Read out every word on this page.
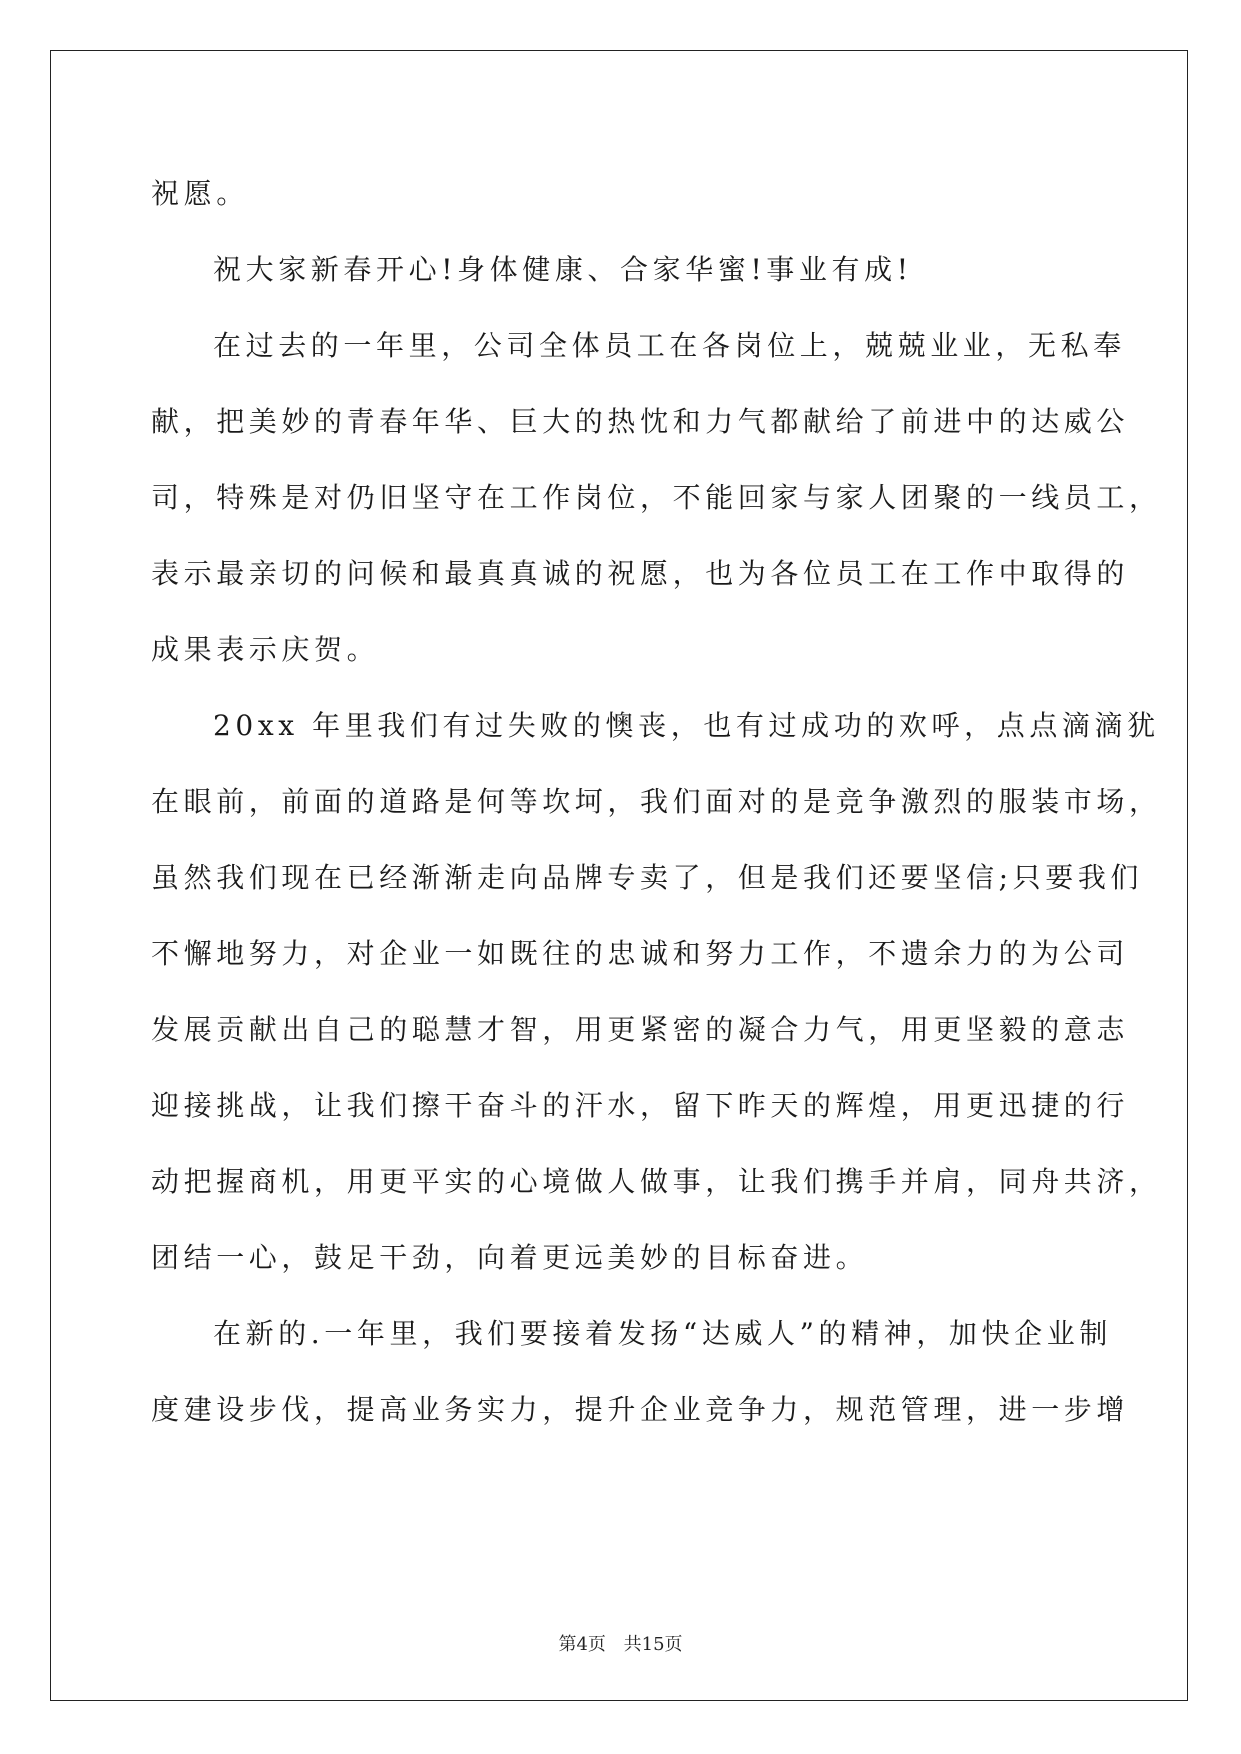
祝愿。
祝大家新春开心!身体健康、合家华蜜!事业有成!
在过去的一年里，公司全体员工在各岗位上，兢兢业业，无私奉
献，把美妙的青春年华、巨大的热忱和力气都献给了前进中的达威公
司，特殊是对仍旧坚守在工作岗位，不能回家与家人团聚的一线员工，
表示最亲切的问候和最真真诚的祝愿，也为各位员工在工作中取得的
成果表示庆贺。
20xx 年里我们有过失败的懊丧，也有过成功的欢呼，点点滴滴犹
在眼前，前面的道路是何等坎坷，我们面对的是竞争激烈的服装市场，
虽然我们现在已经渐渐走向品牌专卖了，但是我们还要坚信;只要我们
不懈地努力，对企业一如既往的忠诚和努力工作，不遗余力的为公司
发展贡献出自己的聪慧才智，用更紧密的凝合力气，用更坚毅的意志
迎接挑战，让我们擦干奋斗的汗水，留下昨天的辉煌，用更迅捷的行
动把握商机，用更平实的心境做人做事，让我们携手并肩，同舟共济，
团结一心，鼓足干劲，向着更远美妙的目标奋进。
在新的.一年里，我们要接着发扬“达威人”的精神，加快企业制
度建设步伐，提高业务实力，提升企业竞争力，规范管理，进一步增
第4页 共15页
